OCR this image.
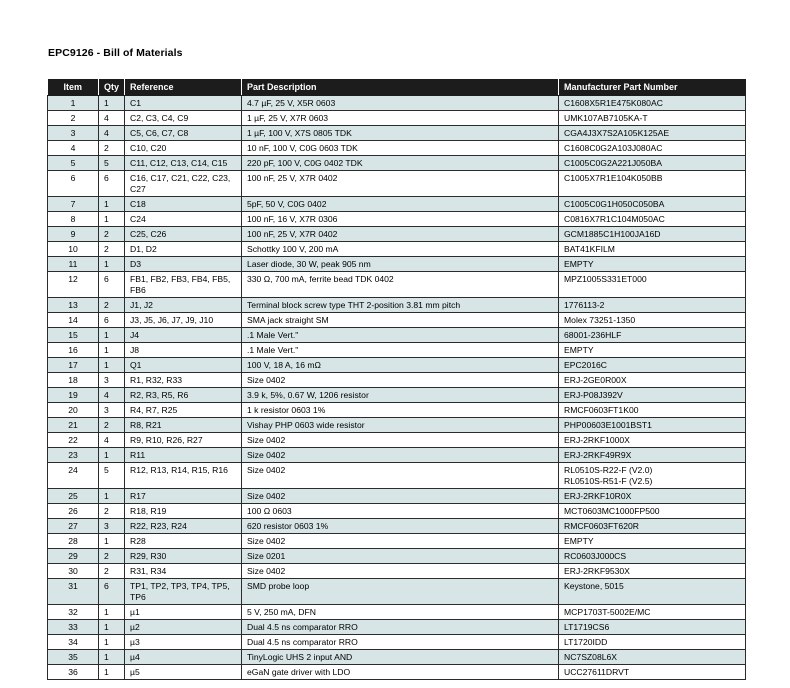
EPC9126 - Bill of Materials
Item	Qty	Reference	Part Description	Manufacturer Part Number
1	1	C1	4.7 µF, 25 V, X5R 0603	C1608X5R1E475K080AC
2	4	C2, C3, C4, C9	1 µF, 25 V, X7R 0603	UMK107AB7105KA-T
3	4	C5, C6, C7, C8	1 µF, 100 V, X7S 0805 TDK	CGA4J3X7S2A105K125AE
4	2	C10, C20	10 nF, 100 V, C0G 0603 TDK	C1608C0G2A103J080AC
5	5	C11, C12, C13, C14, C15	220 pF, 100 V, C0G 0402 TDK	C1005C0G2A221J050BA
6	6	C16, C17, C21, C22, C23, C27	100 nF, 25 V, X7R 0402	C1005X7R1E104K050BB
7	1	C18	5pF, 50 V, C0G 0402	C1005C0G1H050C050BA
8	1	C24	100 nF, 16 V, X7R 0306	C0816X7R1C104M050AC
9	2	C25, C26	100 nF, 25 V, X7R 0402	GCM1885C1H100JA16D
10	2	D1, D2	Schottky 100 V, 200 mA	BAT41KFILM
11	1	D3	Laser diode, 30 W, peak 905 nm	EMPTY
12	6	FB1, FB2, FB3, FB4, FB5, FB6	330 Ω, 700 mA, ferrite bead TDK 0402	MPZ1005S331ET000
13	2	J1, J2	Terminal block screw type THT 2-position 3.81 mm pitch	1776113-2
14	6	J3, J5, J6, J7, J9, J10	SMA jack straight SM	Molex 73251-1350
15	1	J4	.1 Male Vert."	68001-236HLF
16	1	J8	.1 Male Vert."	EMPTY
17	1	Q1	100 V, 18 A, 16 mΩ	EPC2016C
18	3	R1, R32, R33	Size 0402	ERJ-2GE0R00X
19	4	R2, R3, R5, R6	3.9 k, 5%, 0.67 W, 1206 resistor	ERJ-P08J392V
20	3	R4, R7, R25	1 k resistor 0603 1%	RMCF0603FT1K00
21	2	R8, R21	Vishay PHP 0603 wide resistor	PHP00603E1001BST1
22	4	R9, R10, R26, R27	Size 0402	ERJ-2RKF1000X
23	1	R11	Size 0402	ERJ-2RKF49R9X
24	5	R12, R13, R14, R15, R16	Size 0402	RL0510S-R22-F (V2.0)
RL0510S-R51-F (V2.5)

25	1	R17	Size 0402	ERJ-2RKF10R0X
26	2	R18, R19	100 Ω 0603	MCT0603MC1000FP500
27	3	R22, R23, R24	620 resistor 0603 1%	RMCF0603FT620R
28	1	R28	Size 0402	EMPTY
29	2	R29, R30	Size 0201	RC0603J000CS
30	2	R31, R34	Size 0402	ERJ-2RKF9530X
31	6	TP1, TP2, TP3, TP4, TP5, TP6	SMD probe loop	Keystone, 5015
32	1	µ1	5 V, 250 mA, DFN	MCP1703T-5002E/MC
33	1	µ2	Dual 4.5 ns comparator RRO	LT1719CS6
34	1	µ3	Dual 4.5 ns comparator RRO	LT1720IDD
35	1	µ4	TinyLogic UHS 2 input AND	NC7SZ08L6X
36	1	µ5	eGaN gate driver with LDO	UCC27611DRVT
